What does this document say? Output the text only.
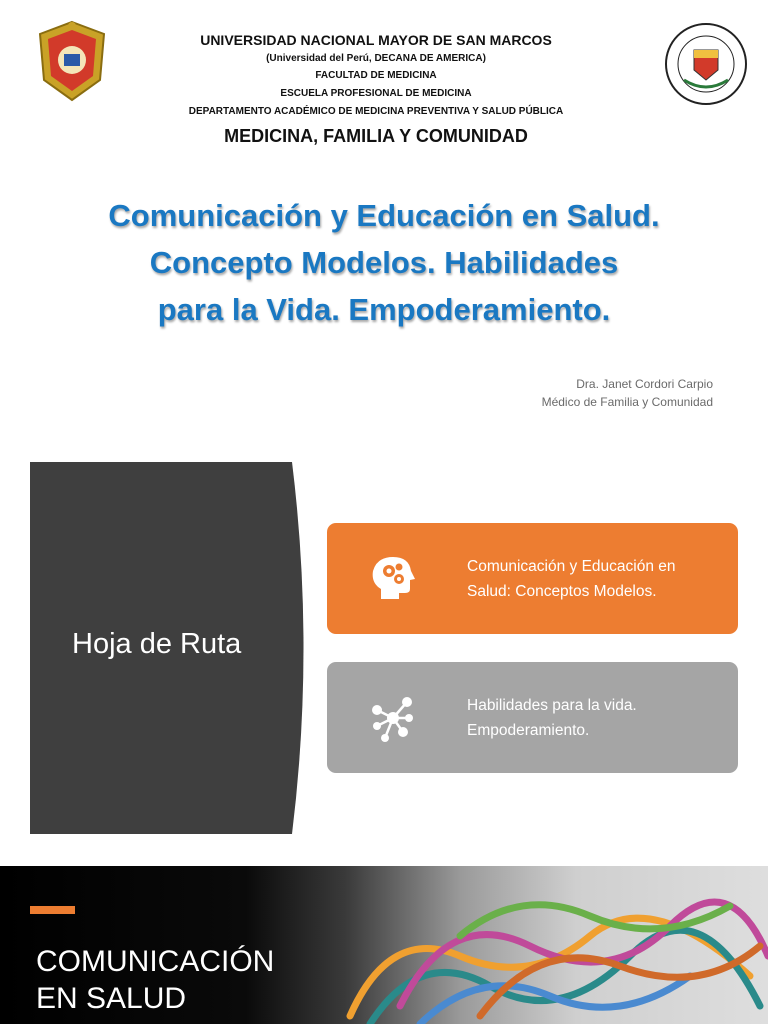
UNIVERSIDAD NACIONAL MAYOR DE SAN MARCOS
(Universidad del Perú, DECANA DE AMERICA)
FACULTAD DE MEDICINA
ESCUELA PROFESIONAL DE MEDICINA
DEPARTAMENTO ACADÉMICO DE MEDICINA PREVENTIVA Y SALUD PÚBLICA
MEDICINA, FAMILIA Y COMUNIDAD
Comunicación y Educación en Salud.
Concepto Modelos. Habilidades
para la Vida. Empoderamiento.
Dra. Janet Cordori Carpio
Médico de Familia y Comunidad
Hoja de Ruta
Comunicación y Educación en
Salud: Conceptos Modelos.
Habilidades para la vida.
Empoderamiento.
COMUNICACIÓN
EN SALUD
